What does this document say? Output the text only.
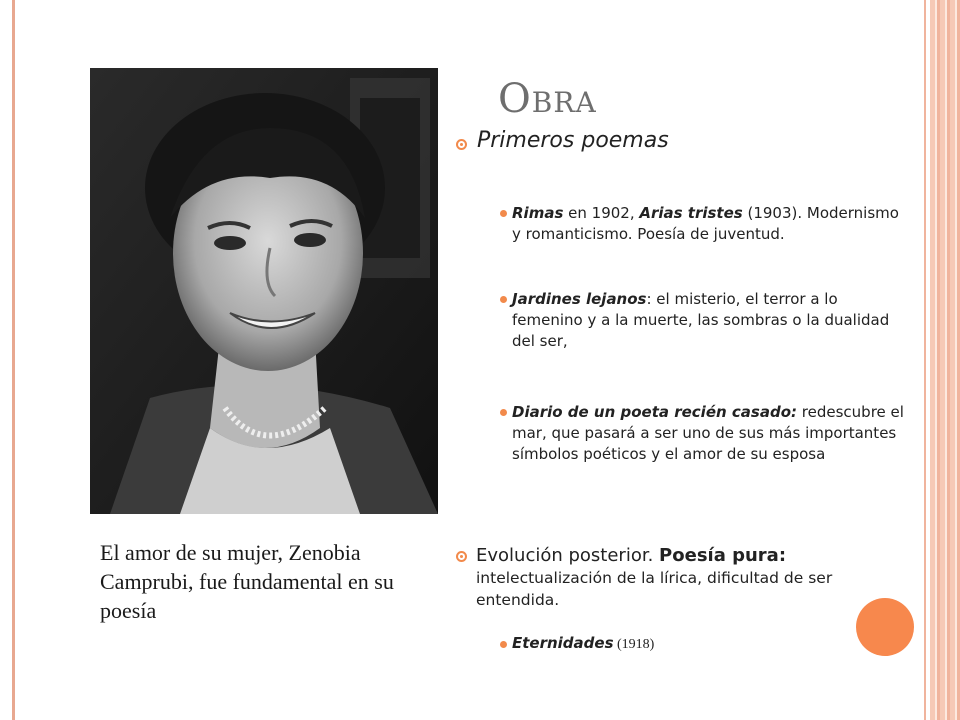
Obra
Primeros poemas
Rimas en 1902, Arias tristes (1903). Modernismo y romanticismo. Poesía de juventud.
Jardines lejanos: el misterio, el terror a lo femenino y a la muerte, las sombras o la dualidad del ser,
Diario de un poeta recién casado: redescubre el mar, que pasará a ser uno de sus más importantes símbolos poéticos y el amor de su esposa
El amor de su mujer, Zenobia Camprubi, fue fundamental en su poesía
Evolución posterior. Poesía pura: intelectualización de la lírica, dificultad de ser entendida.
Eternidades (1918)
